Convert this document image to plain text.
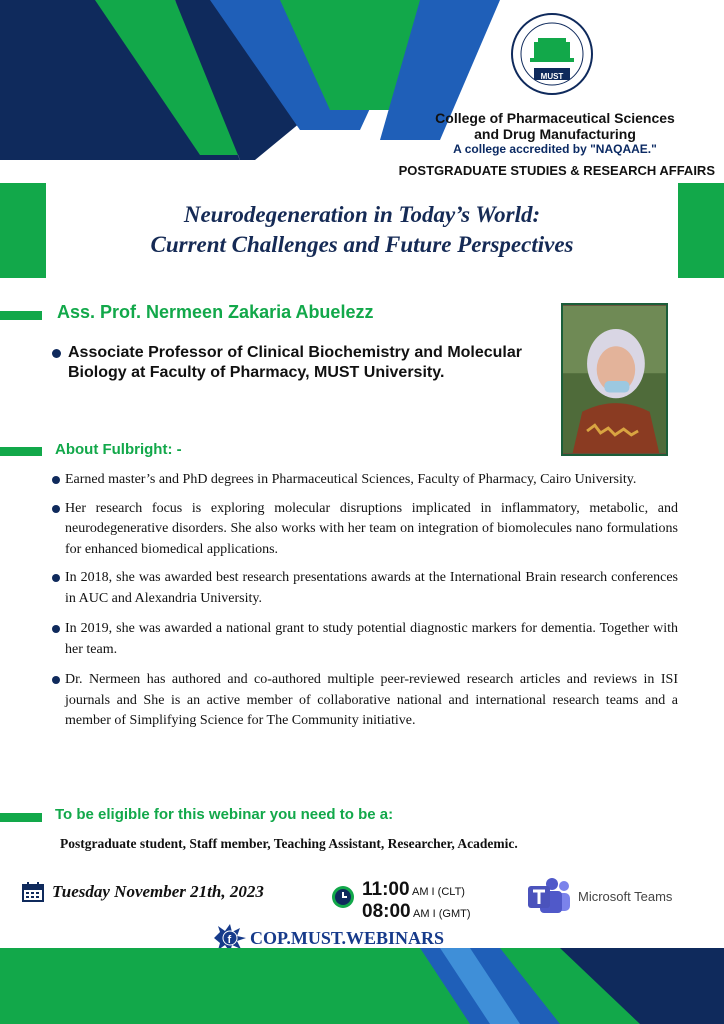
MUST
College of Pharmaceutical Sciences
and Drug Manufacturing
A college accredited by "NAQAAE."
POSTGRADUATE STUDIES & RESEARCH AFFAIRS
Neurodegeneration in Today’s World:
Current Challenges and Future Perspectives
Ass. Prof. Nermeen Zakaria Abuelezz
Associate Professor of Clinical Biochemistry and Molecular Biology at Faculty of Pharmacy, MUST University.
About Fulbright: -
Earned master’s and PhD degrees in Pharmaceutical Sciences, Faculty of Pharmacy, Cairo University.
Her research focus is exploring molecular disruptions implicated in inflammatory, metabolic, and neurodegenerative disorders. She also works with her team on integration of biomolecules nano formulations for enhanced biomedical applications.
In 2018, she was awarded best research presentations awards at the International Brain research conferences in AUC and Alexandria University.
In 2019, she was awarded a national grant to study potential diagnostic markers for dementia. Together with her team.
Dr. Nermeen has authored and co-authored multiple peer-reviewed research articles and reviews in ISI journals and She is an active member of collaborative national and international research teams and a member of Simplifying Science for The Community initiative.
To be eligible for this webinar you need to be a:
Postgraduate student, Staff member, Teaching Assistant, Researcher, Academic.
Tuesday November 21th, 2023	11:00 AM I (CLT)
08:00 AM I (GMT)
Microsoft Teams
f COP.MUST.WEBINARS
